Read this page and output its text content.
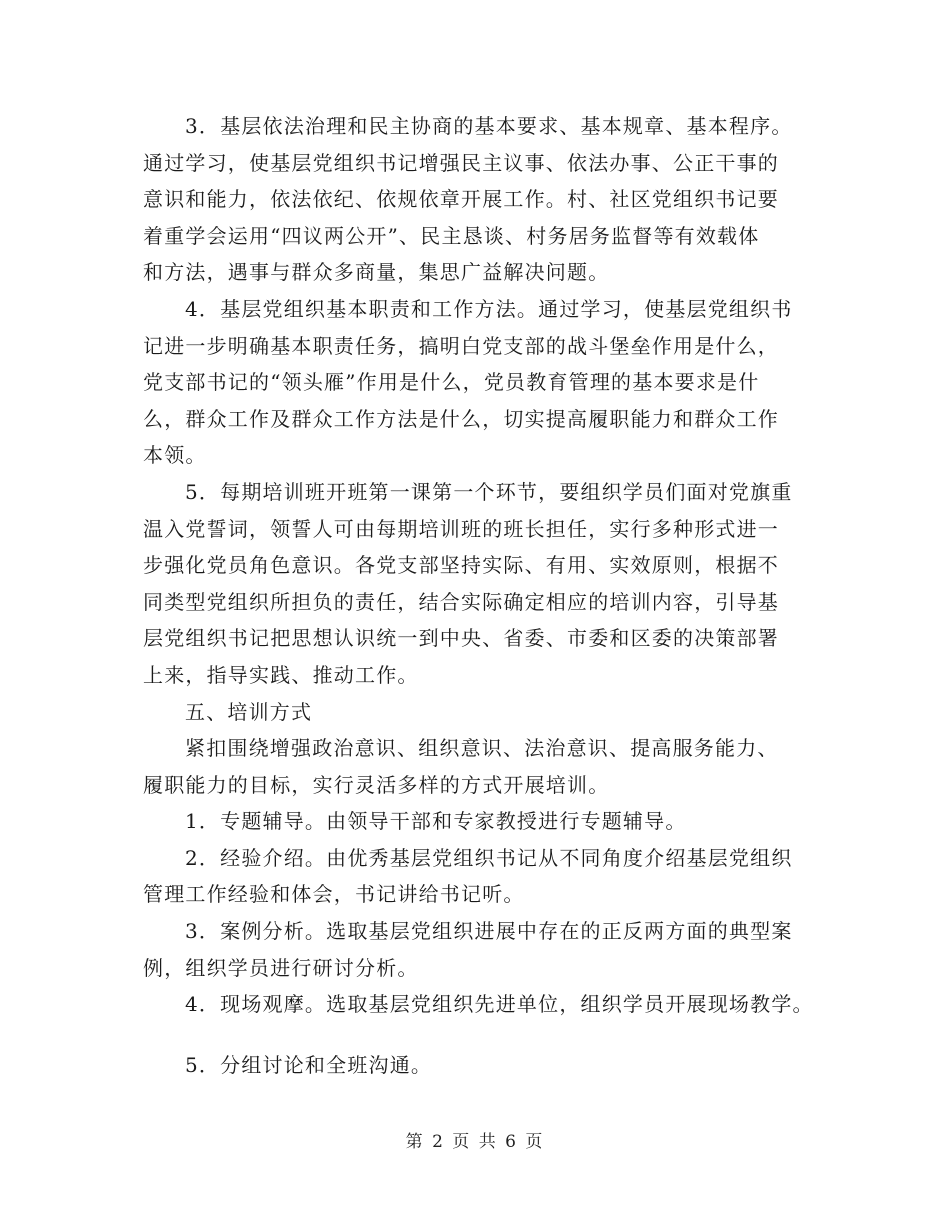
3．基层依法治理和民主协商的基本要求、基本规章、基本程序。
通过学习，使基层党组织书记增强民主议事、依法办事、公正干事的
意识和能力，依法依纪、依规依章开展工作。村、社区党组织书记要
着重学会运用“四议两公开”、民主恳谈、村务居务监督等有效载体
和方法，遇事与群众多商量，集思广益解决问题。
4．基层党组织基本职责和工作方法。通过学习，使基层党组织书
记进一步明确基本职责任务，搞明白党支部的战斗堡垒作用是什么，
党支部书记的“领头雁”作用是什么，党员教育管理的基本要求是什
么，群众工作及群众工作方法是什么，切实提高履职能力和群众工作
本领。
5．每期培训班开班第一课第一个环节，要组织学员们面对党旗重
温入党誓词，领誓人可由每期培训班的班长担任，实行多种形式进一
步强化党员角色意识。各党支部坚持实际、有用、实效原则，根据不
同类型党组织所担负的责任，结合实际确定相应的培训内容，引导基
层党组织书记把思想认识统一到中央、省委、市委和区委的决策部署
上来，指导实践、推动工作。
五、培训方式
紧扣围绕增强政治意识、组织意识、法治意识、提高服务能力、
履职能力的目标，实行灵活多样的方式开展培训。
1．专题辅导。由领导干部和专家教授进行专题辅导。
2．经验介绍。由优秀基层党组织书记从不同角度介绍基层党组织
管理工作经验和体会，书记讲给书记听。
3．案例分析。选取基层党组织进展中存在的正反两方面的典型案
例，组织学员进行研讨分析。
4．现场观摩。选取基层党组织先进单位，组织学员开展现场教学。
5．分组讨论和全班沟通。
第 2 页 共 6 页
